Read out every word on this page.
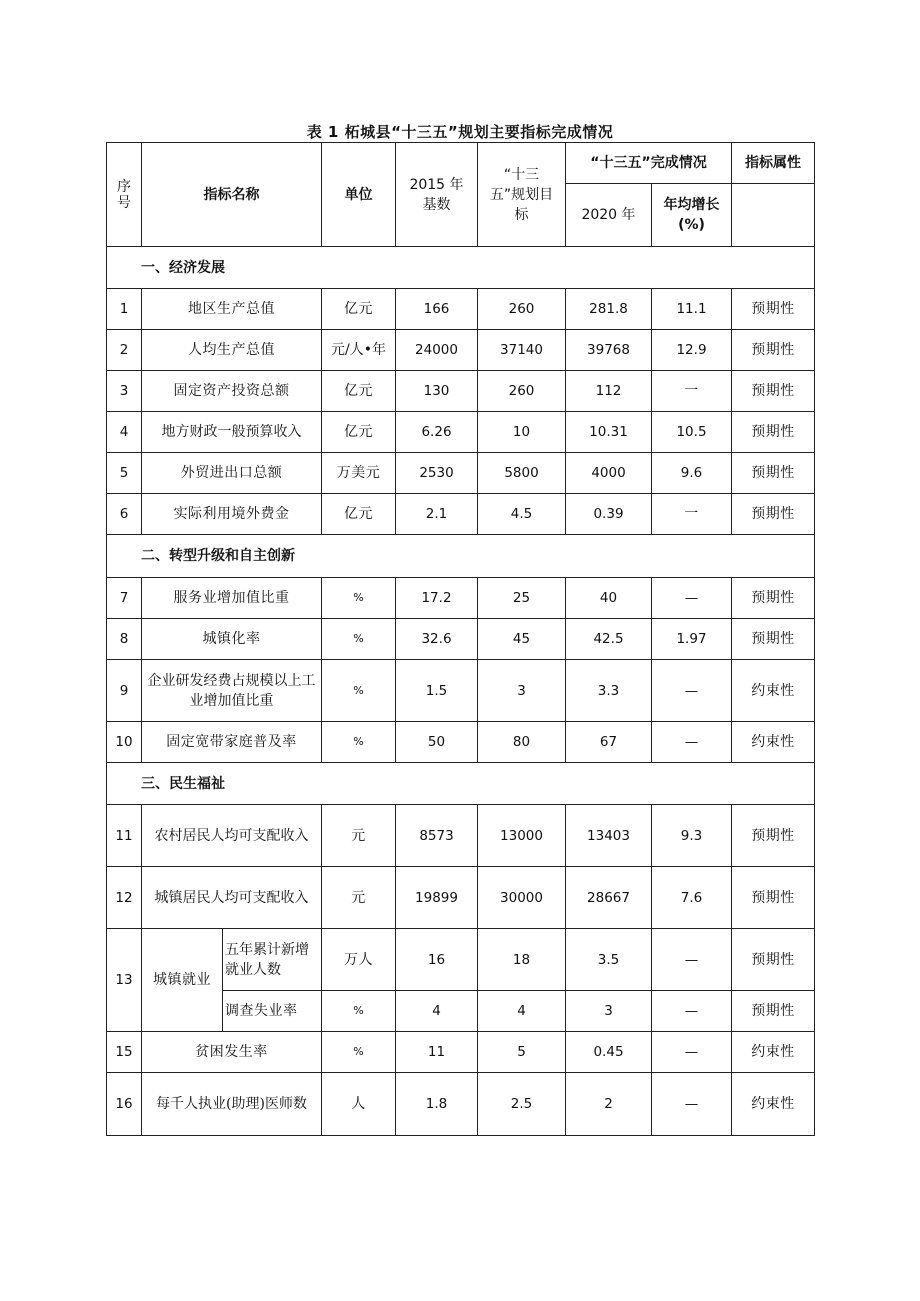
表 1 柘城县“十三五”规划主要指标完成情况
序号	指标名称		单位	2015 年基数	“十三五”规划目标	“十三五”完成情况		指标属性
						2020 年	年均增长(%)	
一、经济发展								
1	地区生产总值		亿元	166	260	281.8	11.1	预期性
2	人均生产总值		元/人•年	24000	37140	39768	12.9	预期性
3	固定资产投资总额		亿元	130	260	112	一	预期性
4	地方财政一般预算收入		亿元	6.26	10	10.31	10.5	预期性
5	外贸进出口总额		万美元	2530	5800	4000	9.6	预期性
6	实际利用境外费金		亿元	2.1	4.5	0.39	一	预期性
二、转型升级和自主创新								
7	服务业增加值比重		%	17.2	25	40	—	预期性
8	城镇化率		%	32.6	45	42.5	1.97	预期性
9	企业研发经费占规模以上工业增加值比重		%	1.5	3	3.3	—	约束性
10	固定宽带家庭普及率		%	50	80	67	—	约束性
三、民生福祉								
11	农村居民人均可支配收入		元	8573	13000	13403	9.3	预期性
12	城镇居民人均可支配收入		元	19899	30000	28667	7.6	预期性
13	城镇就业	五年累计新增就业人数	万人	16	18	3.5	—	预期性
		调查失业率	%	4	4	3	—	预期性
15	贫困发生率		%	11	5	0.45	—	约束性
16	每千人执业(助理)医师数		人	1.8	2.5	2	—	约束性
